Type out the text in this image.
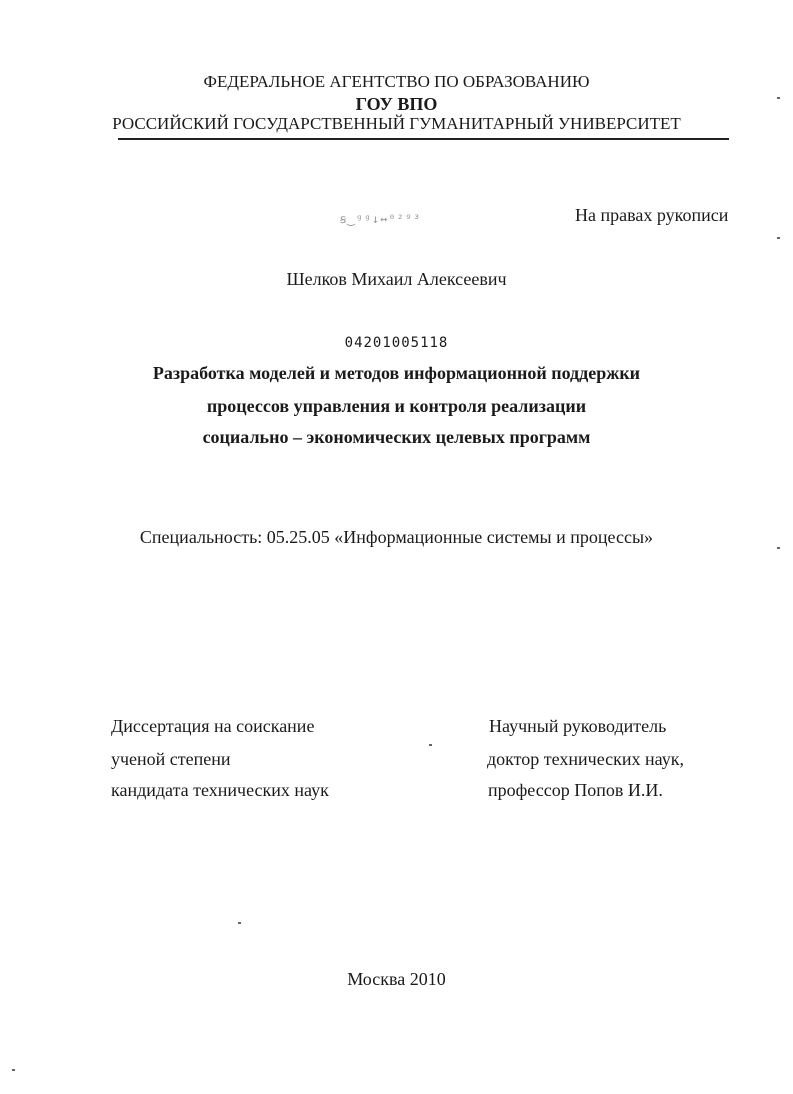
ФЕДЕРАЛЬНОЕ АГЕНТСТВО ПО ОБРАЗОВАНИЮ
ГОУ ВПО
РОССИЙСКИЙ ГОСУДАРСТВЕННЫЙ ГУМАНИТАРНЫЙ УНИВЕРСИТЕТ
ꞩ‿ᵍᵍ↓↔⁰²⁹³	На правах рукописи
Шелков Михаил Алексеевич
04201005118
Разработка моделей и методов информационной поддержки
процессов управления и контроля реализации
социально – экономических целевых программ
Специальность: 05.25.05 «Информационные системы и процессы»
Диссертация на соискание
ученой степени
кандидата технических наук
Научный руководитель
доктор технических наук,
профессор Попов И.И.
Москва 2010
